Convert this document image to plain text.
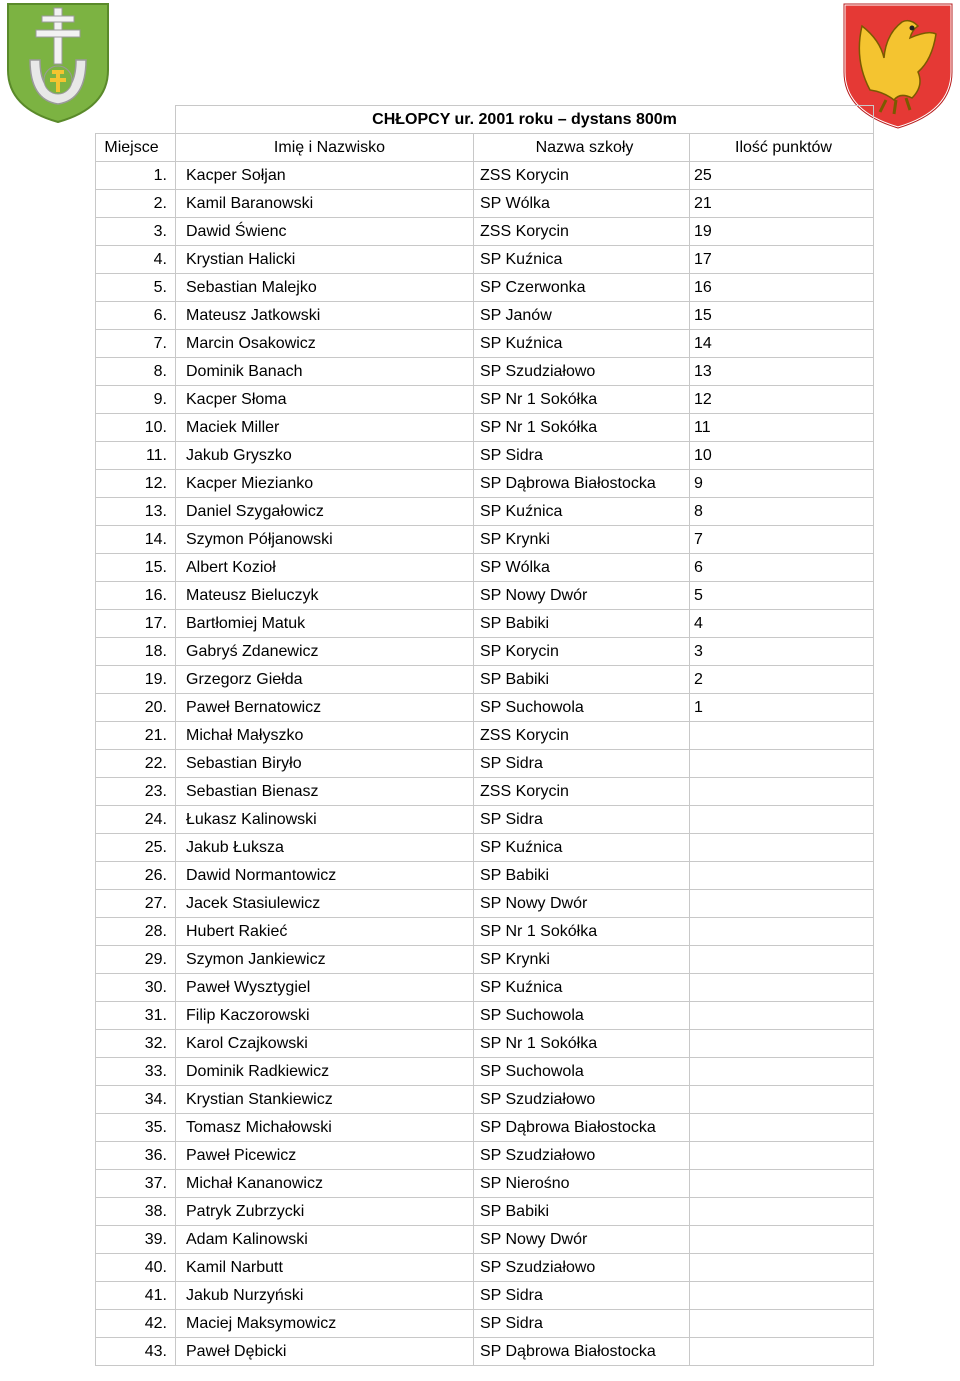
	CHŁOPCY ur. 2001 roku – dystans 800m		
Miejsce	Imię i Nazwisko	Nazwa szkoły	Ilość punktów
1.	Kacper Sołjan	ZSS Korycin	25
2.	Kamil Baranowski	SP Wólka	21
3.	Dawid Świenc	ZSS Korycin	19
4.	Krystian Halicki	SP Kuźnica	17
5.	Sebastian Malejko	SP Czerwonka	16
6.	Mateusz Jatkowski	SP Janów	15
7.	Marcin Osakowicz	SP Kuźnica	14
8.	Dominik Banach	SP Szudziałowo	13
9.	Kacper Słoma	SP Nr 1 Sokółka	12
10.	Maciek Miller	SP Nr 1 Sokółka	11
11.	Jakub Gryszko	SP Sidra	10
12.	Kacper Miezianko	SP Dąbrowa Białostocka	9
13.	Daniel Szygałowicz	SP Kuźnica	8
14.	Szymon Półjanowski	SP Krynki	7
15.	Albert Kozioł	SP Wólka	6
16.	Mateusz Bieluczyk	SP Nowy Dwór	5
17.	Bartłomiej Matuk	SP Babiki	4
18.	Gabryś Zdanewicz	SP Korycin	3
19.	Grzegorz Giełda	SP Babiki	2
20.	Paweł Bernatowicz	SP Suchowola	1
21.	Michał Małyszko	ZSS Korycin	
22.	Sebastian Biryło	SP Sidra	
23.	Sebastian Bienasz	ZSS Korycin	
24.	Łukasz Kalinowski	SP Sidra	
25.	Jakub Łuksza	SP Kuźnica	
26.	Dawid Normantowicz	SP Babiki	
27.	Jacek Stasiulewicz	SP Nowy Dwór	
28.	Hubert Rakieć	SP Nr 1 Sokółka	
29.	Szymon Jankiewicz	SP Krynki	
30.	Paweł Wysztygiel	SP Kuźnica	
31.	Filip Kaczorowski	SP Suchowola	
32.	Karol Czajkowski	SP Nr 1 Sokółka	
33.	Dominik Radkiewicz	SP Suchowola	
34.	Krystian Stankiewicz	SP Szudziałowo	
35.	Tomasz Michałowski	SP Dąbrowa Białostocka	
36.	Paweł Picewicz	SP Szudziałowo	
37.	Michał Kananowicz	SP Nierośno	
38.	Patryk Zubrzycki	SP Babiki	
39.	Adam Kalinowski	SP Nowy Dwór	
40.	Kamil Narbutt	SP Szudziałowo	
41.	Jakub Nurzyński	SP Sidra	
42.	Maciej Maksymowicz	SP Sidra	
43.	Paweł Dębicki	SP Dąbrowa Białostocka	
